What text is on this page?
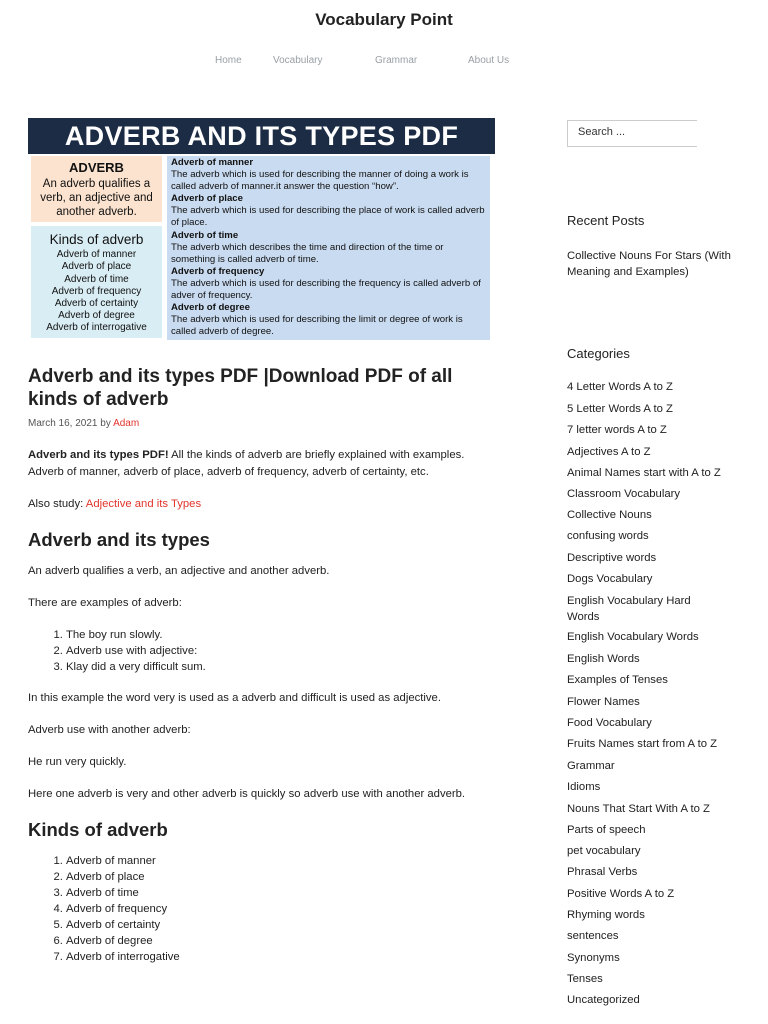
Vocabulary Point
Home	Vocabulary	Grammar	About Us
ADVERB AND ITS TYPES PDF
ADVERB
An adverb qualifies a verb, an adjective and another adverb.
Kinds of adverb
Adverb of manner
Adverb of place
Adverb of time
Adverb of frequency
Adverb of certainty
Adverb of degree
Adverb of interrogative
Adverb of manner
The adverb which is used for describing the manner of doing a work is called adverb of manner.it answer the question “how”.
Adverb of place
The adverb which is used for describing the place of work is called adverb of place.
Adverb of time
The adverb which describes the time and direction of the time or something is called adverb of time.
Adverb of frequency
The adverb which is used for describing the frequency is called adverb of adver of frequency.
Adverb of degree
The adverb which is used for describing the limit or degree of work is called adverb of degree.
Adverb and its types PDF |Download PDF of all kinds of adverb
March 16, 2021 by Adam

Adverb and its types PDF! All the kinds of adverb are briefly explained with examples. Adverb of manner, adverb of place, adverb of frequency, adverb of certainty, etc.

Also study: Adjective and its Types

Adverb and its types

An adverb qualifies a verb, an adjective and another adverb.

There are examples of adverb:

1. The boy run slowly.
2. Adverb use with adjective:
3. Klay did a very difficult sum.

In this example the word very is used as a adverb and difficult is used as adjective.

Adverb use with another adverb:

He run very quickly.

Here one adverb is very and other adverb is quickly so adverb use with another adverb.

Kinds of adverb
1. Adverb of manner
2. Adverb of place
3. Adverb of time
4. Adverb of frequency
5. Adverb of certainty
6. Adverb of degree
7. Adverb of interrogative
Search ...
Recent Posts
Collective Nouns For Stars (With Meaning and Examples)
Categories
4 Letter Words A to Z
5 Letter Words A to Z
7 letter words A to Z
Adjectives A to Z
Animal Names start with A to Z
Classroom Vocabulary
Collective Nouns
confusing words
Descriptive words
Dogs Vocabulary
English Vocabulary Hard Words
English Vocabulary Words
English Words
Examples of Tenses
Flower Names
Food Vocabulary
Fruits Names start from A to Z
Grammar
Idioms
Nouns That Start With A to Z
Parts of speech
pet vocabulary
Phrasal Verbs
Positive Words A to Z
Rhyming words
sentences
Synonyms
Tenses
Uncategorized
